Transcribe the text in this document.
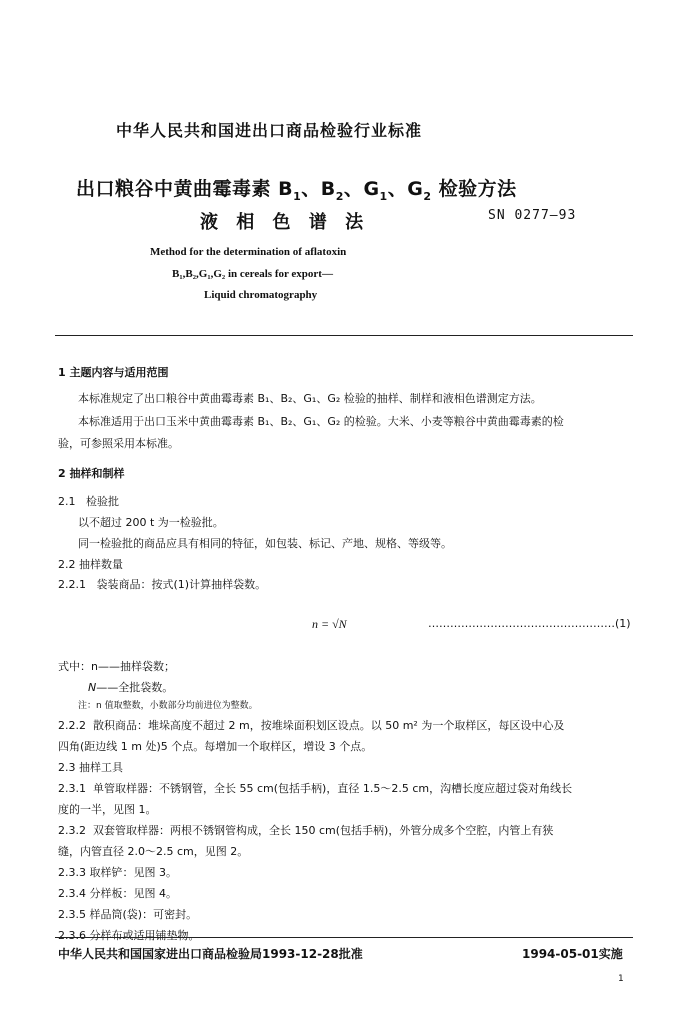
中华人民共和国进出口商品检验行业标准
出口粮谷中黄曲霉毒素 $B_1$、$B_2$、$G_1$、$G_2$ 检验方法
液 相 色 谱 法	SN 0277—93
Method for the determination of aflatoxin
B₁,B₂,G₁,G₂ in cereals for export—
Liquid chromatography
1 主题内容与适用范围
本标准规定了出口粮谷中黄曲霉毒素 B₁、B₂、G₁、G₂ 检验的抽样、制样和液相色谱测定方法。
本标准适用于出口玉米中黄曲霉毒素 B₁、B₂、G₁、G₂ 的检验。大米、小麦等粮谷中黄曲霉毒素的检
验，可参照采用本标准。
2 抽样和制样
2.1 检验批
以不超过 200 t 为一检验批。
同一检验批的商品应具有相同的特征，如包装、标记、产地、规格、等级等。
2.2 抽样数量
2.2.1 袋装商品：按式(1)计算抽样袋数。
n = √N	……………………………………………(1)
式中：n——抽样袋数；
N——全批袋数。
注：n 值取整数，小数部分均前进位为整数。
2.2.2 散积商品：堆垛高度不超过 2 m，按堆垛面积划区设点。以 50 m² 为一个取样区，每区设中心及
四角(距边线 1 m 处)5 个点。每增加一个取样区，增设 3 个点。
2.3 抽样工具
2.3.1 单管取样器：不锈钢管，全长 55 cm(包括手柄)，直径 1.5～2.5 cm，沟槽长度应超过袋对角线长
度的一半，见图 1。
2.3.2 双套管取样器：两根不锈钢管构成，全长 150 cm(包括手柄)，外管分成多个空腔，内管上有狭
缝，内管直径 2.0～2.5 cm，见图 2。
2.3.3 取样铲：见图 3。
2.3.4 分样板：见图 4。
2.3.5 样品筒(袋)：可密封。
2.3.6 分样布或适用铺垫物。
中华人民共和国国家进出口商品检验局1993-12-28批准	1994-05-01实施
1
